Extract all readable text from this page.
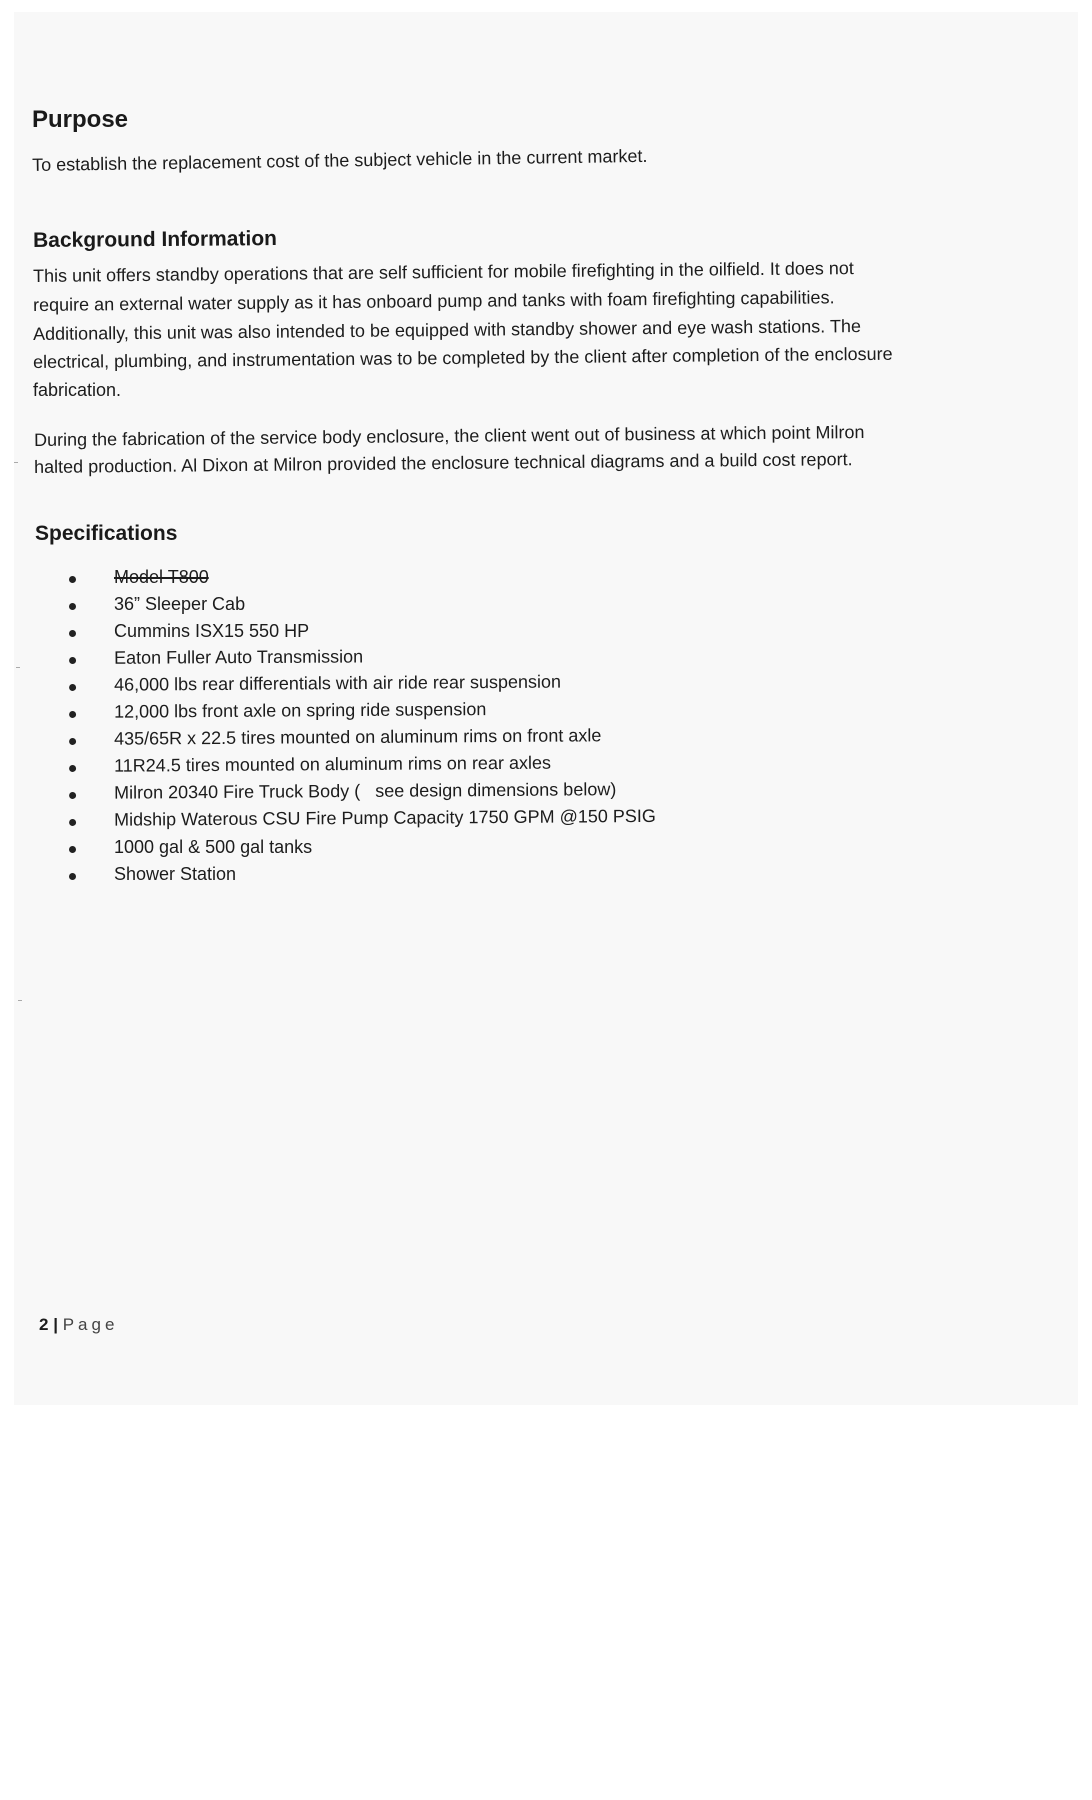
Purpose

To establish the replacement cost of the subject vehicle in the current market.

Background Information
This unit offers standby operations that are self sufficient for mobile firefighting in the oilfield. It does not
require an external water supply as it has onboard pump and tanks with foam firefighting capabilities.
Additionally, this unit was also intended to be equipped with standby shower and eye wash stations. The
electrical, plumbing, and instrumentation was to be completed by the client after completion of the enclosure
fabrication.
During the fabrication of the service body enclosure, the client went out of business at which point Milron
halted production. Al Dixon at Milron provided the enclosure technical diagrams and a build cost report.
Specifications
Model T800
36” Sleeper Cab
Cummins ISX15 550 HP
Eaton Fuller Auto Transmission
46,000 lbs rear differentials with air ride rear suspension
12,000 lbs front axle on spring ride suspension
435/65R x 22.5 tires mounted on aluminum rims on front axle
11R24.5 tires mounted on aluminum rims on rear axles
Milron 20340 Fire Truck Body (   see design dimensions below)
Midship Waterous CSU Fire Pump Capacity 1750 GPM @150 PSIG
1000 gal & 500 gal tanks
Shower Station
2 | Page
